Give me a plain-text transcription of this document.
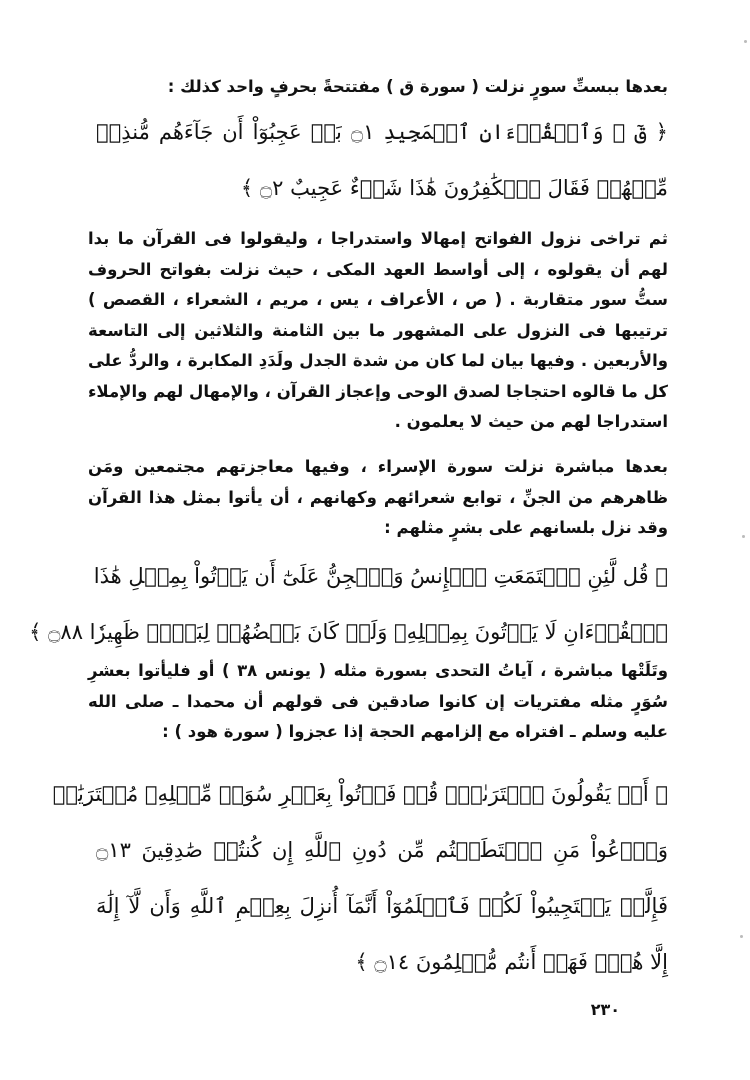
بعدها ببستِّ سورٍ نزلت ( سورة ق ) مفتتحةً بحرفٍ واحد كذلك :

﴿ قٓ ۚ وَٱلۡقُرۡءَانِ ٱلۡمَجِيدِ ۝١ بَلۡ عَجِبُوٓاْ أَن جَآءَهُم مُّنذِرٞ
مِّنۡهُمۡ فَقَالَ ٱلۡكَٰفِرُونَ هَٰذَا شَيۡءٌ عَجِيبٌ ۝٢ ﴾

ثم تراخى نزول الفواتح إمهالا واستدراجا ، وليقولوا فى القرآن ما بدا لهم أن يقولوه ، إلى أواسط العهد المكى ، حيث نزلت بفواتح الحروف ستُّ سور متقاربة . ( ص ، الأعراف ، يس ، مريم ، الشعراء ، القصص ) ترتيبها فى النزول على المشهور ما بين الثامنة والثلاثين إلى التاسعة والأربعين . وفيها بيان لما كان من شدة الجدل ولَدَدِ المكابرة ، والردُّ على كل ما قالوه احتجاجا لصدق الوحى وإعجاز القرآن ، والإمهال لهم والإملاء استدراجا لهم من حيث لا يعلمون .

بعدها مباشرة نزلت سورة الإسراء ، وفيها معاجزتهم مجتمعين ومَن ظاهرهم من الجنِّ ، توابع شعرائهم وكهانهم ، أن يأتوا بمثل هذا القرآن وقد نزل بلسانهم على بشرٍ مثلهم :

﴿ قُل لَّئِنِ ٱجۡتَمَعَتِ ٱلۡإِنسُ وَٱلۡجِنُّ عَلَىٰٓ أَن يَأۡتُواْ بِمِثۡلِ هَٰذَا
ٱلۡقُرۡءَانِ لَا يَأۡتُونَ بِمِثۡلِهِۦ وَلَوۡ كَانَ بَعۡضُهُمۡ لِبَعۡضٖ ظَهِيرٗا ۝٨٨ ﴾

وتَلَتْها مباشرة ، آياتُ التحدى بسورة مثله ( يونس ٣٨ ) أو فليأتوا بعشرِ سُوَرٍ مثله مفتريات إن كانوا صادقين فى قولهم أن محمدا ـ صلى الله عليه وسلم ـ افتراه مع إلزامهم الحجة إذا عجزوا ( سورة هود ) :

﴿ أَمۡ يَقُولُونَ ٱفۡتَرَىٰهُۖ قُلۡ فَأۡتُواْ بِعَشۡرِ سُوَرٖ مِّثۡلِهِۦ مُفۡتَرَيَٰتٖ
وَٱدۡعُواْ مَنِ ٱسۡتَطَعۡتُم مِّن دُونِ ٱللَّهِ إِن كُنتُمۡ صَٰدِقِينَ ۝١٣
فَإِلَّمۡ يَسۡتَجِيبُواْ لَكُمۡ فَٱعۡلَمُوٓاْ أَنَّمَآ أُنزِلَ بِعِلۡمِ ٱللَّهِ وَأَن لَّآ إِلَٰهَ
إِلَّا هُوَۖ فَهَلۡ أَنتُم مُّسۡلِمُونَ ۝١٤ ﴾
٢٣٠
